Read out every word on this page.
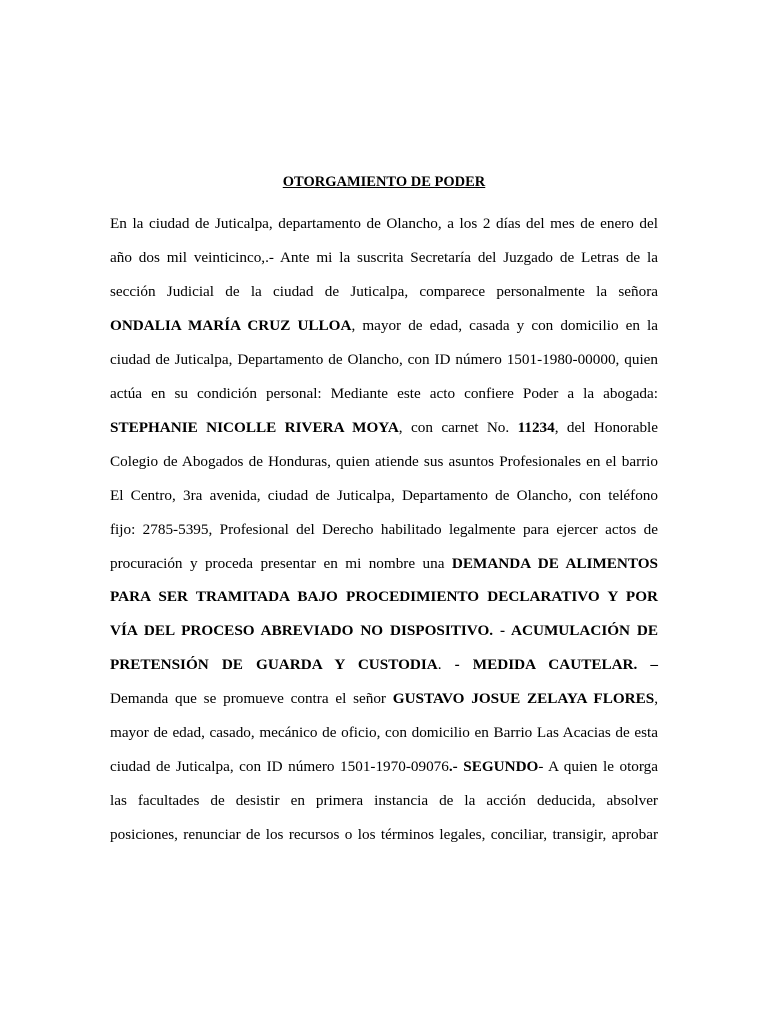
OTORGAMIENTO DE PODER
En la ciudad de Juticalpa, departamento de Olancho, a los 2 días del mes de enero del
año dos mil veinticinco,.- Ante mi la suscrita Secretaría del Juzgado de Letras de la
sección Judicial de la ciudad de Juticalpa, comparece personalmente la señora
ONDALIA MARÍA CRUZ ULLOA, mayor de edad, casada y con domicilio en la
ciudad de Juticalpa, Departamento de Olancho, con ID número 1501-1980-00000, quien
actúa en su condición personal: Mediante este acto confiere Poder a la abogada:
STEPHANIE NICOLLE RIVERA MOYA, con carnet No. 11234, del Honorable
Colegio de Abogados de Honduras, quien atiende sus asuntos Profesionales en el barrio
El Centro, 3ra avenida, ciudad de Juticalpa, Departamento de Olancho, con teléfono
fijo: 2785-5395, Profesional del Derecho habilitado legalmente para ejercer actos de
procuración y proceda presentar en mi nombre una DEMANDA DE ALIMENTOS
PARA SER TRAMITADA BAJO PROCEDIMIENTO DECLARATIVO Y POR
VÍA DEL PROCESO ABREVIADO NO DISPOSITIVO. - ACUMULACIÓN DE
PRETENSIÓN DE GUARDA Y CUSTODIA. - MEDIDA CAUTELAR. –
Demanda que se promueve contra el señor GUSTAVO JOSUE ZELAYA FLORES,
mayor de edad, casado, mecánico de oficio, con domicilio en Barrio Las Acacias de esta
ciudad de Juticalpa, con ID número 1501-1970-09076.- SEGUNDO- A quien le otorga
las facultades de desistir en primera instancia de la acción deducida, absolver
posiciones, renunciar de los recursos o los términos legales, conciliar, transigir, aprobar
